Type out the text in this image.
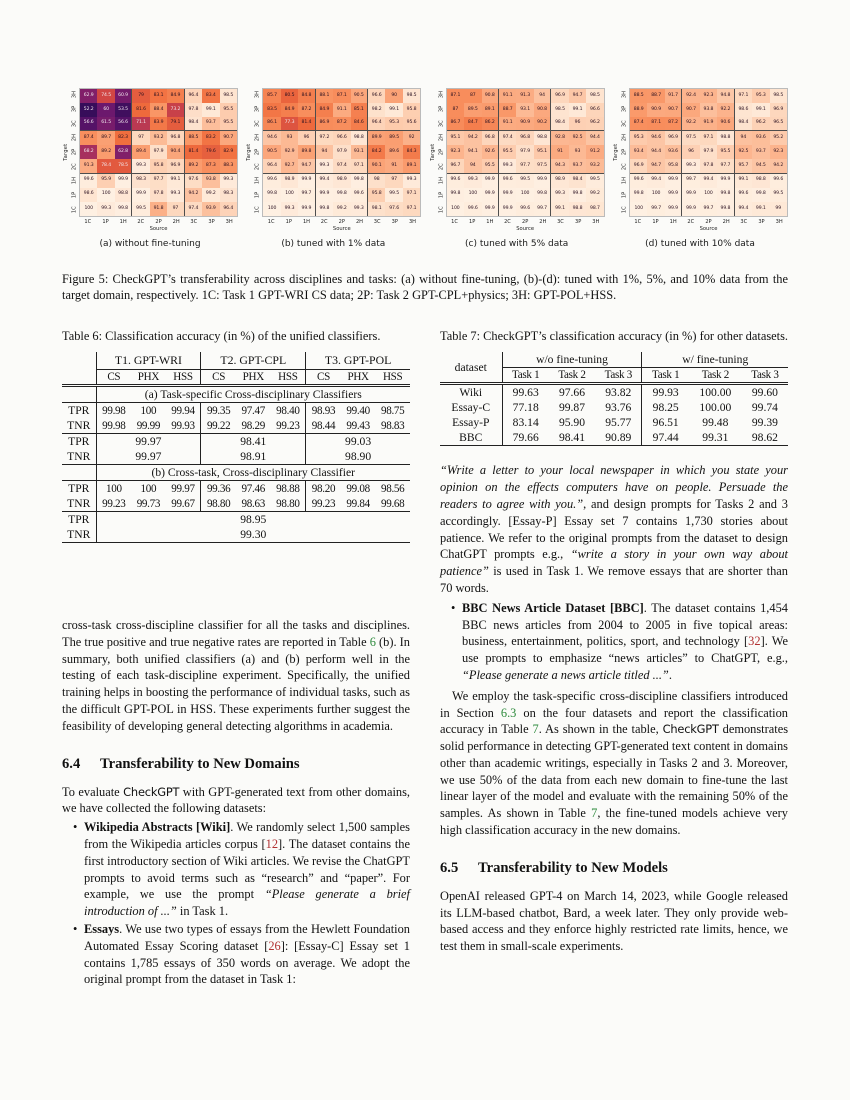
Target
3H
3P
3C
2H
2P
2C
1H
1P
1C
62.9	74.5	60.9	79	83.1	84.9	96.4	83.4	98.5
52.2	60	53.5	81.6	88.4	73.2	97.8	99.1	95.5
56.6	61.5	56.6	71.1	83.9	79.1	98.4	93.7	95.5
87.4	89.7	82.3	97	93.2	96.8	88.5	83.2	90.7
68.2	89.2	62.8	89.4	97.9	90.4	81.4	79.6	82.9
91.3	78.4	78.5	99.3	95.8	96.9	89.2	87.3	88.3
99.6	95.9	99.9	98.3	97.7	99.1	97.6	93.8	99.3
98.6	100	98.8	99.9	97.8	99.3	94.2	99.2	98.3
100	99.3	99.8	99.5	91.8	97	97.4	93.9	96.4
1C	1P	1H	2C	2P	2H	3C	3P	3H
Source
(a) without fine-tuning
Target
3H
3P
3C
2H
2P
2C
1H
1P
1C
85.7	80.5	84.8	88.1	87.1	90.5	96.6	90	98.5
83.5	84.9	87.2	84.9	91.1	85.1	98.2	99.1	95.8
86.1	77.3	81.4	86.9	87.2	84.6	96.4	95.3	95.6
94.6	93	96	97.2	96.6	98.8	89.9	89.5	92
90.5	92.9	89.8	94	97.9	93.1	84.2	89.6	84.3
96.4	92.7	94.7	99.3	97.4	97.1	90.1	91	89.1
99.6	98.9	99.9	99.4	98.9	99.8	98	97	99.3
99.8	100	99.7	99.9	99.8	99.6	95.8	99.5	97.1
100	99.3	99.9	99.8	99.2	99.3	98.1	97.6	97.1
1C	1P	1H	2C	2P	2H	3C	3P	3H
Source
(b) tuned with 1% data
Target
3H
3P
3C
2H
2P
2C
1H
1P
1C
87.1	87	90.8	91.1	91.3	94	96.9	94.7	98.5
87	89.5	89.1	88.7	93.1	90.8	98.5	99.1	96.6
86.7	84.7	86.2	91.1	90.9	90.2	98.4	96	96.2
95.1	94.2	96.8	97.4	96.8	98.8	92.8	92.5	94.4
92.3	94.1	92.6	95.5	97.9	95.1	91	93	91.2
96.7	94	95.5	99.3	97.7	97.5	94.3	93.7	93.2
99.6	99.3	99.9	99.6	99.5	99.9	98.9	98.4	99.5
99.8	100	99.9	99.9	100	99.8	99.3	99.8	99.2
100	99.6	99.9	99.9	99.6	99.7	99.1	98.8	98.7
1C	1P	1H	2C	2P	2H	3C	3P	3H
Source
(c) tuned with 5% data
Target
3H
3P
3C
2H
2P
2C
1H
1P
1C
88.5	88.7	91.7	92.4	92.3	94.8	97.1	95.3	98.5
88.9	90.9	90.7	90.7	93.8	92.2	98.6	99.1	96.9
87.4	87.1	87.2	92.2	91.9	90.6	98.4	96.2	96.5
95.3	94.6	96.9	97.5	97.1	98.8	94	93.6	95.2
93.4	94.4	93.6	96	97.9	95.5	92.5	93.7	92.3
96.9	94.7	95.8	99.3	97.8	97.7	95.7	94.5	94.2
99.6	99.4	99.9	99.7	99.4	99.9	99.1	98.8	99.6
99.8	100	99.9	99.9	100	99.8	99.6	99.8	99.5
100	99.7	99.9	99.9	99.7	99.8	99.4	99.1	99
1C	1P	1H	2C	2P	2H	3C	3P	3H
Source
(d) tuned with 10% data
Figure 5: CheckGPT’s transferability across disciplines and tasks: (a) without fine-tuning, (b)-(d): tuned with 1%, 5%, and 10% data from the target domain, respectively. 1C: Task 1 GPT-WRI CS data; 2P: Task 2 GPT-CPL+physics; 3H: GPT-POL+HSS.
Table 6: Classification accuracy (in %) of the unified classifiers.
	T1. GPT-WRI			T2. GPT-CPL			T3. GPT-POL		
	CS	PHX	HSS	CS	PHX	HSS	CS	PHX	HSS
	(a) Task-specific Cross-disciplinary Classifiers								
TPR	99.98	100	99.94	99.35	97.47	98.40	98.93	99.40	98.75
TNR	99.98	99.99	99.93	99.22	98.29	99.23	98.44	99.43	98.83
TPR	99.97			98.41			99.03		
TNR	99.97			98.91			98.90		
	(b) Cross-task, Cross-disciplinary Classifier								
TPR	100	100	99.97	99.36	97.46	98.88	98.20	99.08	98.56
TNR	99.23	99.73	99.67	98.80	98.63	98.80	99.23	99.84	99.68
TPR	98.95								
TNR	99.30								
Table 7: CheckGPT’s classification accuracy (in %) for other datasets.
dataset	w/o fine-tuning			w/ fine-tuning		
	Task 1	Task 2	Task 3	Task 1	Task 2	Task 3
Wiki	99.63	97.66	93.82	99.93	100.00	99.60
Essay-C	77.18	99.87	93.76	98.25	100.00	99.74
Essay-P	83.14	95.90	95.77	96.51	99.48	99.39
BBC	79.66	98.41	90.89	97.44	99.31	98.62

“Write a letter to your local newspaper in which you state your opinion on the effects computers have on people. Persuade the readers to agree with you.”, and design prompts for Tasks 2 and 3 accordingly. [Essay-P] Essay set 7 contains 1,730 stories about patience. We refer to the original prompts from the dataset to design ChatGPT prompts e.g., “write a story in your own way about patience” is used in Task 1. We remove essays that are shorter than 70 words.

• BBC News Article Dataset [BBC]. The dataset contains 1,454 BBC news articles from 2004 to 2005 in five topical areas: business, entertainment, politics, sport, and technology [32]. We use prompts to emphasize “news articles” to ChatGPT, e.g., “Please generate a news article titled ...”.

We employ the task-specific cross-discipline classifiers introduced in Section 6.3 on the four datasets and report the classification accuracy in Table 7. As shown in the table, CheckGPT demonstrates solid performance in detecting GPT-generated text content in domains other than academic writings, especially in Tasks 2 and 3. Moreover, we use 50% of the data from each new domain to fine-tune the last linear layer of the model and evaluate with the remaining 50% of the samples. As shown in Table 7, the fine-tuned models achieve very high classification accuracy in the new domains.

6.5 Transferability to New Models

OpenAI released GPT-4 on March 14, 2023, while Google released its LLM-based chatbot, Bard, a week later. They only provide web-based access and they enforce highly restricted rate limits, hence, we test them in small-scale experiments.

cross-task cross-discipline classifier for all the tasks and disciplines. The true positive and true negative rates are reported in Table 6 (b). In summary, both unified classifiers (a) and (b) perform well in the testing of each task-discipline experiment. Specifically, the unified training helps in boosting the performance of individual tasks, such as the difficult GPT-POL in HSS. These experiments further suggest the feasibility of developing general detecting algorithms in academia.

6.4 Transferability to New Domains

To evaluate CheckGPT with GPT-generated text from other domains, we have collected the following datasets:

• Wikipedia Abstracts [Wiki]. We randomly select 1,500 samples from the Wikipedia articles corpus [12]. The dataset contains the first introductory section of Wiki articles. We revise the ChatGPT prompts to avoid terms such as “research” and “paper”. For example, we use the prompt “Please generate a brief introduction of ...” in Task 1.
• Essays. We use two types of essays from the Hewlett Foundation Automated Essay Scoring dataset [26]: [Essay-C] Essay set 1 contains 1,785 essays of 350 words on average. We adopt the original prompt from the dataset in Task 1:
